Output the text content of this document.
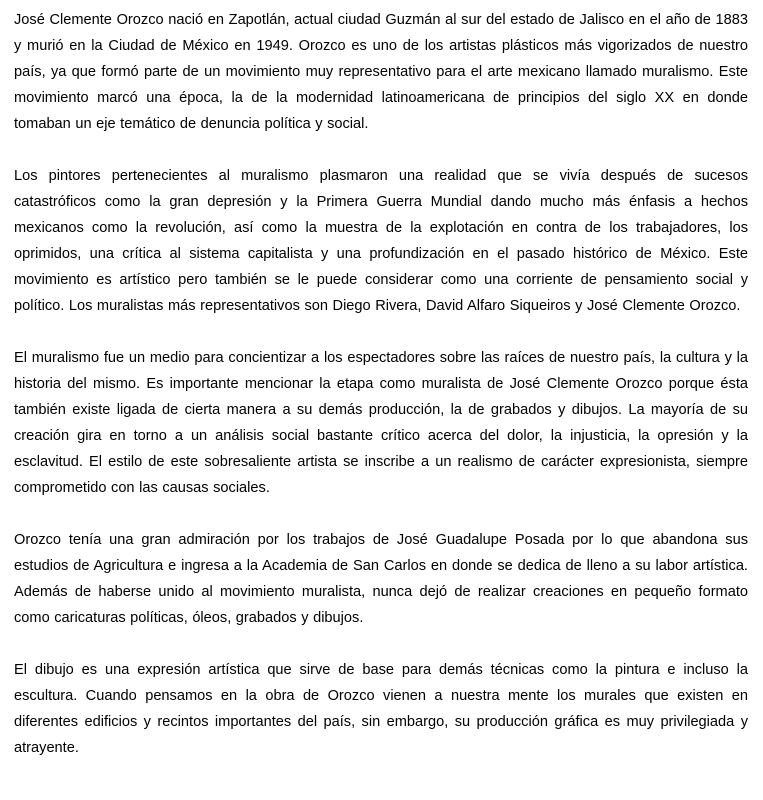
José Clemente Orozco nació en Zapotlán, actual ciudad Guzmán al sur del estado de Jalisco en el año de 1883 y murió en la Ciudad de México en 1949. Orozco es uno de los artistas plásticos más vigorizados de nuestro país, ya que formó parte de un movimiento muy representativo para el arte mexicano llamado muralismo. Este movimiento marcó una época, la de la modernidad latinoamericana de principios del siglo XX en donde tomaban un eje temático de denuncia política y social.

Los pintores pertenecientes al muralismo plasmaron una realidad que se vivía después de sucesos catastróficos como la gran depresión y la Primera Guerra Mundial dando mucho más énfasis a hechos mexicanos como la revolución, así como la muestra de la explotación en contra de los trabajadores, los oprimidos, una crítica al sistema capitalista y una profundización en el pasado histórico de México. Este movimiento es artístico pero también se le puede considerar como una corriente de pensamiento social y político. Los muralistas más representativos son Diego Rivera, David Alfaro Siqueiros y José Clemente Orozco.

El muralismo fue un medio para concientizar a los espectadores sobre las raíces de nuestro país, la cultura y la historia del mismo. Es importante mencionar la etapa como muralista de José Clemente Orozco porque ésta también existe ligada de cierta manera a su demás producción, la de grabados y dibujos. La mayoría de su creación gira en torno a un análisis social bastante crítico acerca del dolor, la injusticia, la opresión y la esclavitud. El estilo de este sobresaliente artista se inscribe a un realismo de carácter expresionista, siempre comprometido con las causas sociales.

Orozco tenía una gran admiración por los trabajos de José Guadalupe Posada por lo que abandona sus estudios de Agricultura e ingresa a la Academia de San Carlos en donde se dedica de lleno a su labor artística. Además de haberse unido al movimiento muralista, nunca dejó de realizar creaciones en pequeño formato como caricaturas políticas, óleos, grabados y dibujos.

El dibujo es una expresión artística que sirve de base para demás técnicas como la pintura e incluso la escultura. Cuando pensamos en la obra de Orozco vienen a nuestra mente los murales que existen en diferentes edificios y recintos importantes del país, sin embargo, su producción gráfica es muy privilegiada y atrayente.
